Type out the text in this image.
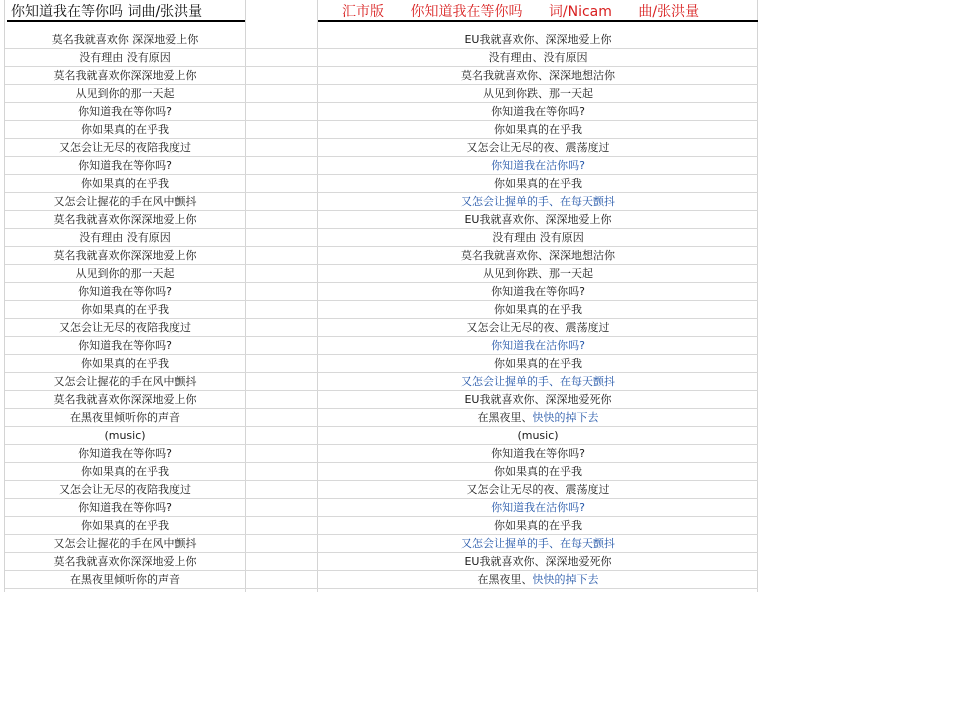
你知道我在等你吗 词曲/张洪量	汇市版 你知道我在等你吗 词/Nicam 曲/张洪量
莫名我就喜欢你 深深地爱上你	EU我就喜欢你、深深地爱上你
没有理由 没有原因	没有理由、没有原因
莫名我就喜欢你深深地爱上你	莫名我就喜欢你、深深地想沽你
从见到你的那一天起	从见到你跌、那一天起
你知道我在等你吗?	你知道我在等你吗?
你如果真的在乎我	你如果真的在乎我
又怎会让无尽的夜陪我度过	又怎会让无尽的夜、震荡度过
你知道我在等你吗?	你知道我在沽你吗?
你如果真的在乎我	你如果真的在乎我
又怎会让握花的手在风中颤抖	又怎会让握单的手、在每天颤抖
莫名我就喜欢你深深地爱上你	EU我就喜欢你、深深地爱上你
没有理由 没有原因	没有理由 没有原因
莫名我就喜欢你深深地爱上你	莫名我就喜欢你、深深地想沽你
从见到你的那一天起	从见到你跌、那一天起
你知道我在等你吗?	你知道我在等你吗?
你如果真的在乎我	你如果真的在乎我
又怎会让无尽的夜陪我度过	又怎会让无尽的夜、震荡度过
你知道我在等你吗?	你知道我在沽你吗?
你如果真的在乎我	你如果真的在乎我
又怎会让握花的手在风中颤抖	又怎会让握单的手、在每天颤抖
莫名我就喜欢你深深地爱上你	EU我就喜欢你、深深地爱死你
在黑夜里倾听你的声音	在黑夜里、快快的掉下去
(music)	(music)
你知道我在等你吗?	你知道我在等你吗?
你如果真的在乎我	你如果真的在乎我
又怎会让无尽的夜陪我度过	又怎会让无尽的夜、震荡度过
你知道我在等你吗?	你知道我在沽你吗?
你如果真的在乎我	你如果真的在乎我
又怎会让握花的手在风中颤抖	又怎会让握单的手、在每天颤抖
莫名我就喜欢你深深地爱上你	EU我就喜欢你、深深地爱死你
在黑夜里倾听你的声音	在黑夜里、快快的掉下去
